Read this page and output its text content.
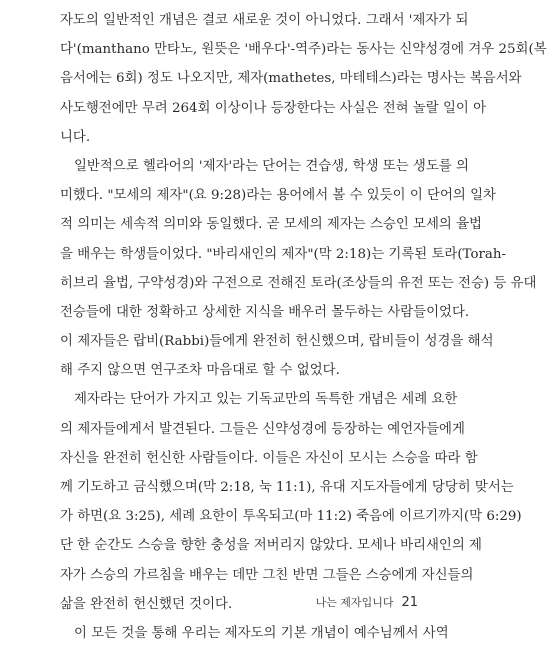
자도의 일반적인 개념은 결코 새로운 것이 아니었다. 그래서 '제자가 되
다'(manthano 만타노, 원뜻은 '배우다'-역주)라는 동사는 신약성경에 겨우 25회(복
음서에는 6회) 정도 나오지만, 제자(mathetes, 마테테스)라는 명사는 복음서와
사도행전에만 무려 264회 이상이나 등장한다는 사실은 전혀 놀랄 일이 아
니다.
일반적으로 헬라어의 '제자'라는 단어는 견습생, 학생 또는 생도를 의
미했다. "모세의 제자"(요 9:28)라는 용어에서 볼 수 있듯이 이 단어의 일차
적 의미는 세속적 의미와 동일했다. 곧 모세의 제자는 스승인 모세의 율법
을 배우는 학생들이었다. "바리새인의 제자"(막 2:18)는 기록된 토라(Torah-
히브리 율법, 구약성경)와 구전으로 전해진 토라(조상들의 유전 또는 전승) 등 유대
전승들에 대한 정확하고 상세한 지식을 배우러 몰두하는 사람들이었다.
이 제자들은 랍비(Rabbi)들에게 완전히 헌신했으며, 랍비들이 성경을 해석
해 주지 않으면 연구조차 마음대로 할 수 없었다.
제자라는 단어가 가지고 있는 기독교만의 독특한 개념은 세례 요한
의 제자들에게서 발견된다. 그들은 신약성경에 등장하는 예언자들에게
자신을 완전히 헌신한 사람들이다. 이들은 자신이 모시는 스승을 따라 함
께 기도하고 금식했으며(막 2:18, 눅 11:1), 유대 지도자들에게 당당히 맞서는
가 하면(요 3:25), 세례 요한이 투옥되고(마 11:2) 죽음에 이르기까지(막 6:29)
단 한 순간도 스승을 향한 충성을 저버리지 않았다. 모세나 바리새인의 제
자가 스승의 가르침을 배우는 데만 그친 반면 그들은 스승에게 자신들의
삶을 완전히 헌신했던 것이다.
이 모든 것을 통해 우리는 제자도의 기본 개념이 예수님께서 사역
나는 제자입니다 21
